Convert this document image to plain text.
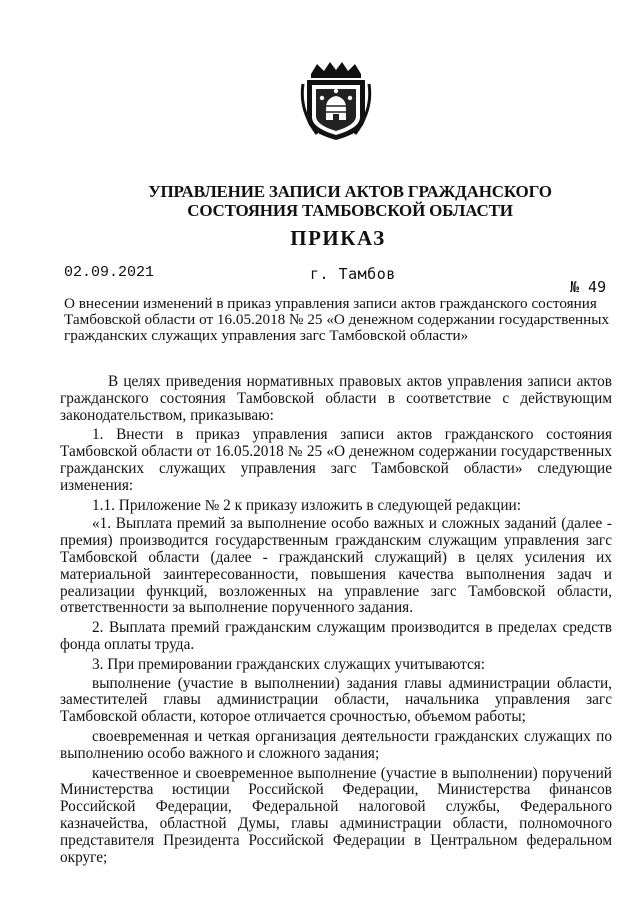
УПРАВЛЕНИЕ ЗАПИСИ АКТОВ ГРАЖДАНСКОГО СОСТОЯНИЯ ТАМБОВСКОЙ ОБЛАСТИ
ПРИКАЗ
02.09.2021	г. Тамбов
№ 49
О внесении изменений в приказ управления записи актов гражданского состояния
Тамбовской области от 16.05.2018 № 25 «О денежном содержании государственных
гражданских служащих управления загс Тамбовской области»

В целях приведения нормативных правовых актов управления записи актов гражданского состояния Тамбовской области в соответствие с действующим законодательством, приказываю:

1. Внести в приказ управления записи актов гражданского состояния Тамбовской области от 16.05.2018 № 25 «О денежном содержании государственных гражданских служащих управления загс Тамбовской области» следующие изменения:

1.1. Приложение № 2 к приказу изложить в следующей редакции:

«1. Выплата премий за выполнение особо важных и сложных заданий (далее - премия) производится государственным гражданским служащим управления загс Тамбовской области (далее - гражданский служащий) в целях усиления их материальной заинтересованности, повышения качества выполнения задач и реализации функций, возложенных на управление загс Тамбовской области, ответственности за выполнение порученного задания.

2. Выплата премий гражданским служащим производится в пределах средств фонда оплаты труда.

3. При премировании гражданских служащих учитываются:

выполнение (участие в выполнении) задания главы администрации области, заместителей главы администрации области, начальника управления загс Тамбовской области, которое отличается срочностью, объемом работы;

своевременная и четкая организация деятельности гражданских служащих по выполнению особо важного и сложного задания;

качественное и своевременное выполнение (участие в выполнении) поручений Министерства юстиции Российской Федерации, Министерства финансов Российской Федерации, Федеральной налоговой службы, Федерального казначейства, областной Думы, главы администрации области, полномочного представителя Президента Российской Федерации в Центральном федеральном округе;
